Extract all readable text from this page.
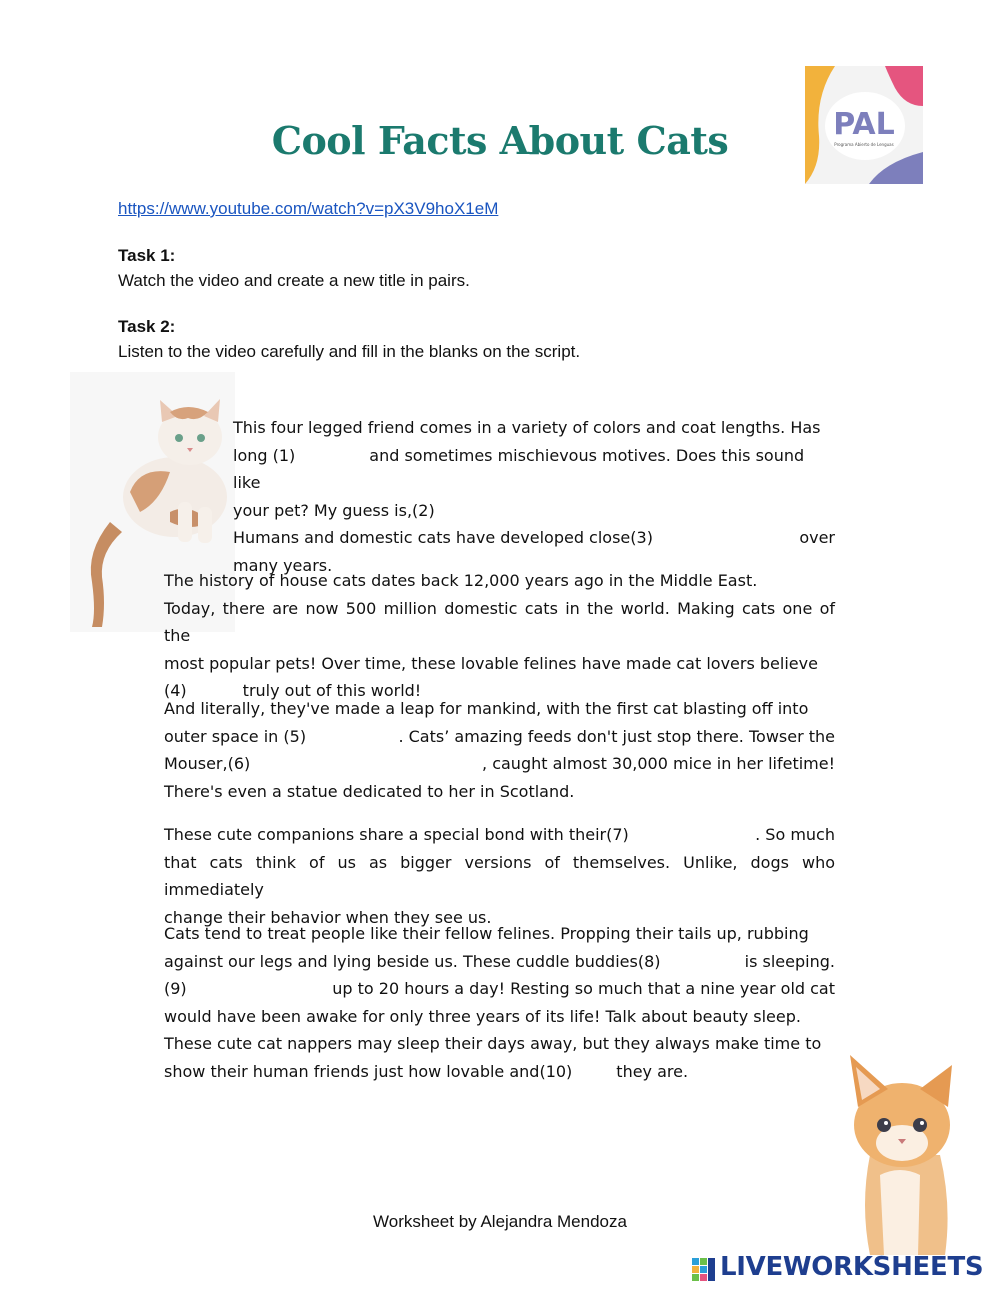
Cool Facts About Cats	PAL
Programa Abierto de Lenguas
https://www.youtube.com/watch?v=pX3V9hoX1eM
Task 1:
Watch the video and create a new title in pairs.
Task 2:
Listen to the video carefully and fill in the blanks on the script.
This four legged friend comes in a variety of colors and coat lengths. Has
long (1)	and sometimes mischievous motives. Does this sound like
your pet? My guess is,(2)
Humans and domestic cats have developed close(3)	over
many years.
The history of house cats dates back 12,000 years ago in the Middle East.
Today, there are now 500 million domestic cats in the world. Making cats one of the
most popular pets! Over time, these lovable felines have made cat lovers believe
(4)	truly out of this world!
And literally, they've made a leap for mankind, with the first cat blasting off into
outer space in (5)	. Cats’ amazing feeds don't just stop there. Towser the
Mouser,(6)	, caught almost 30,000 mice in her lifetime!
There's even a statue dedicated to her in Scotland.
These cute companions share a special bond with their(7)	. So much
that cats think of us as bigger versions of themselves. Unlike, dogs who immediately
change their behavior when they see us.
Cats tend to treat people like their fellow felines. Propping their tails up, rubbing
against our legs and lying beside us. These cuddle buddies(8)	is sleeping.
(9)	up to 20 hours a day! Resting so much that a nine year old cat
would have been awake for only three years of its life! Talk about beauty sleep.
These cute cat nappers may sleep their days away, but they always make time to
show their human friends just how lovable and(10)	they are.
Worksheet by Alejandra Mendoza
LIVEWORKSHEETS
